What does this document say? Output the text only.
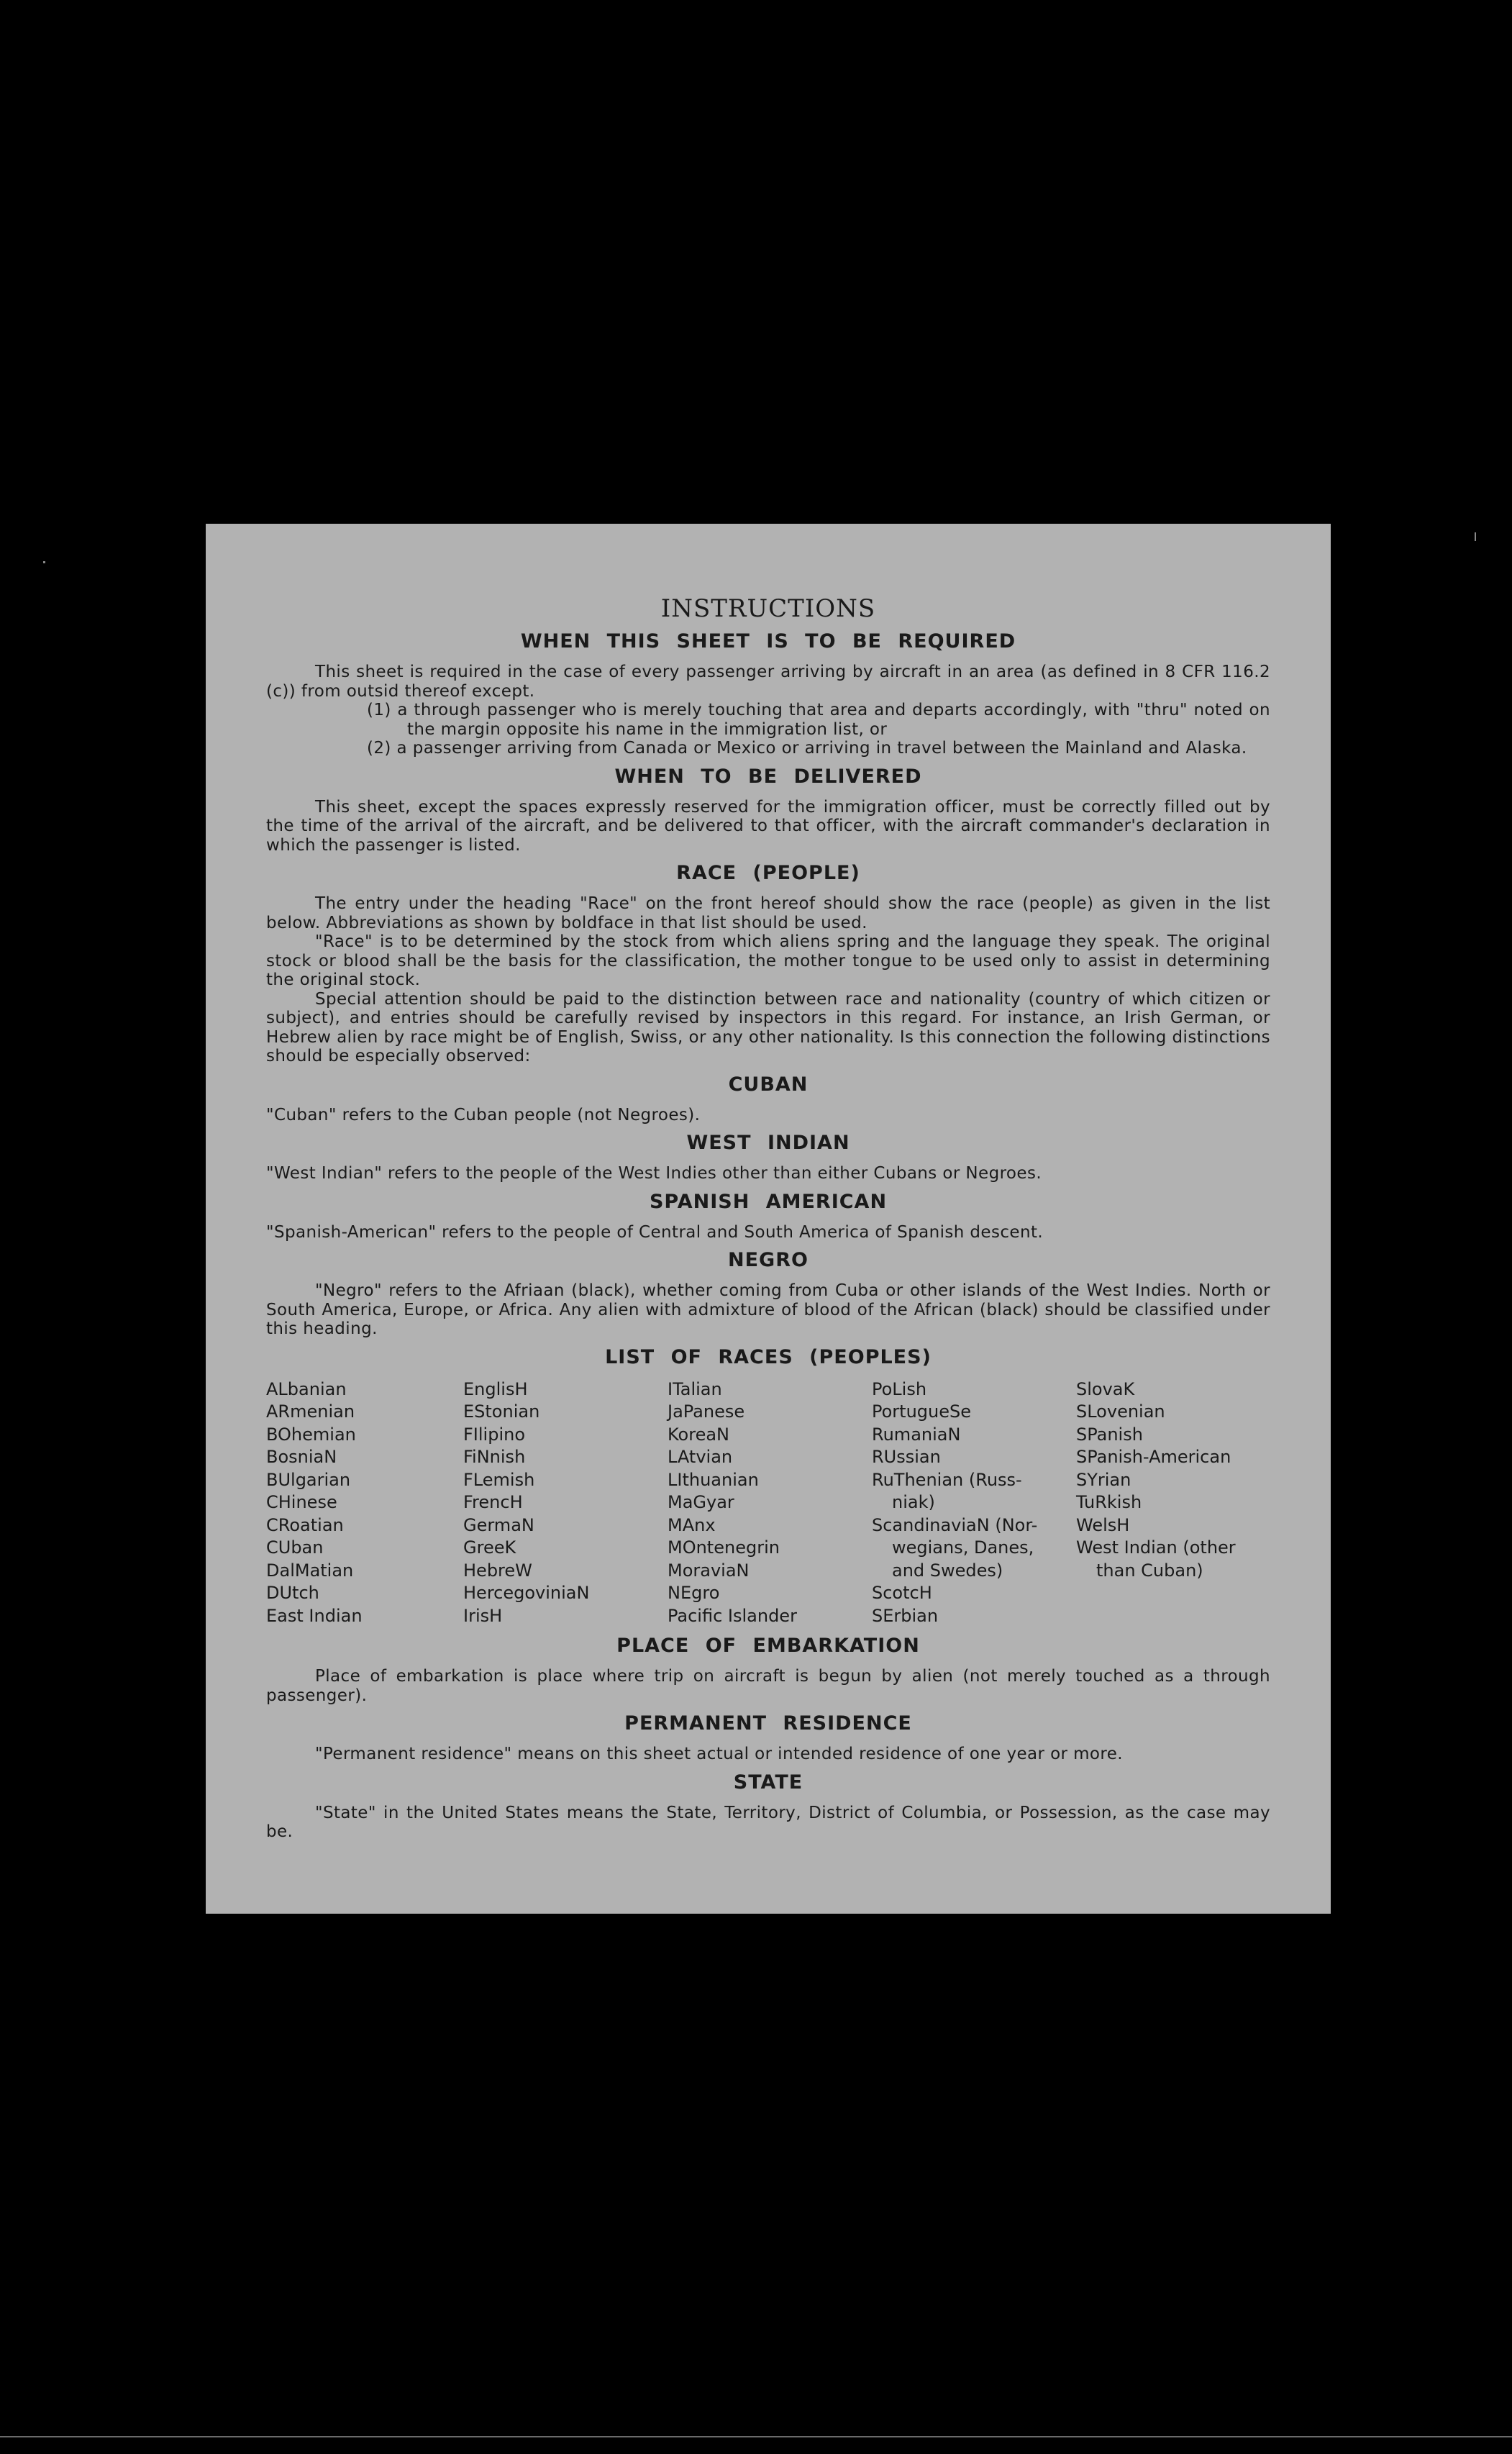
INSTRUCTIONS
WHEN THIS SHEET IS TO BE REQUIRED

This sheet is required in the case of every passenger arriving by aircraft in an area (as defined in 8 CFR 116.2 (c)) from outsid thereof except.

(1) a through passenger who is merely touching that area and departs accordingly, with "thru" noted on the margin opposite his name in the immigration list, or

(2) a passenger arriving from Canada or Mexico or arriving in travel between the Mainland and Alaska.

WHEN TO BE DELIVERED

This sheet, except the spaces expressly reserved for the immigration officer, must be correctly filled out by the time of the arrival of the aircraft, and be delivered to that officer, with the aircraft commander's declaration in which the passenger is listed.

RACE (PEOPLE)

The entry under the heading "Race" on the front hereof should show the race (people) as given in the list below. Abbreviations as shown by boldface in that list should be used.

"Race" is to be determined by the stock from which aliens spring and the language they speak. The original stock or blood shall be the basis for the classification, the mother tongue to be used only to assist in determining the original stock.

Special attention should be paid to the distinction between race and nationality (country of which citizen or subject), and entries should be carefully revised by inspectors in this regard. For instance, an Irish German, or Hebrew alien by race might be of English, Swiss, or any other nationality. Is this connection the following distinctions should be especially observed:

CUBAN

"Cuban" refers to the Cuban people (not Negroes).

WEST INDIAN

"West Indian" refers to the people of the West Indies other than either Cubans or Negroes.

SPANISH AMERICAN

"Spanish-American" refers to the people of Central and South America of Spanish descent.

NEGRO

"Negro" refers to the Afriaan (black), whether coming from Cuba or other islands of the West Indies. North or South America, Europe, or Africa. Any alien with admixture of blood of the African (black) should be classified under this heading.

LIST OF RACES (PEOPLES)
ALbanian
ARmenian
BOhemian
BosniaN
BUlgarian
CHinese
CRoatian
CUban
DalMatian
DUtch
East Indian
EnglisH
EStonian
FIlipino
FiNnish
FLemish
FrencH
GermaN
GreeK
HebreW
HercegoviniaN
IrisH
ITalian
JaPanese
KoreaN
LAtvian
LIthuanian
MaGyar
MAnx
MOntenegrin
MoraviaN
NEgro
Pacific Islander
PoLish
PortugueSe
RumaniaN
RUssian
RuThenian (Russ-
niak)
ScandinaviaN (Nor-
wegians, Danes,
and Swedes)
ScotcH
SErbian
SlovaK
SLovenian
SPanish
SPanish-American
SYrian
TuRkish
WelsH
West Indian (other
than Cuban)
PLACE OF EMBARKATION

Place of embarkation is place where trip on aircraft is begun by alien (not merely touched as a through passenger).

PERMANENT RESIDENCE

"Permanent residence" means on this sheet actual or intended residence of one year or more.

STATE

"State" in the United States means the State, Territory, District of Columbia, or Possession, as the case may be.
